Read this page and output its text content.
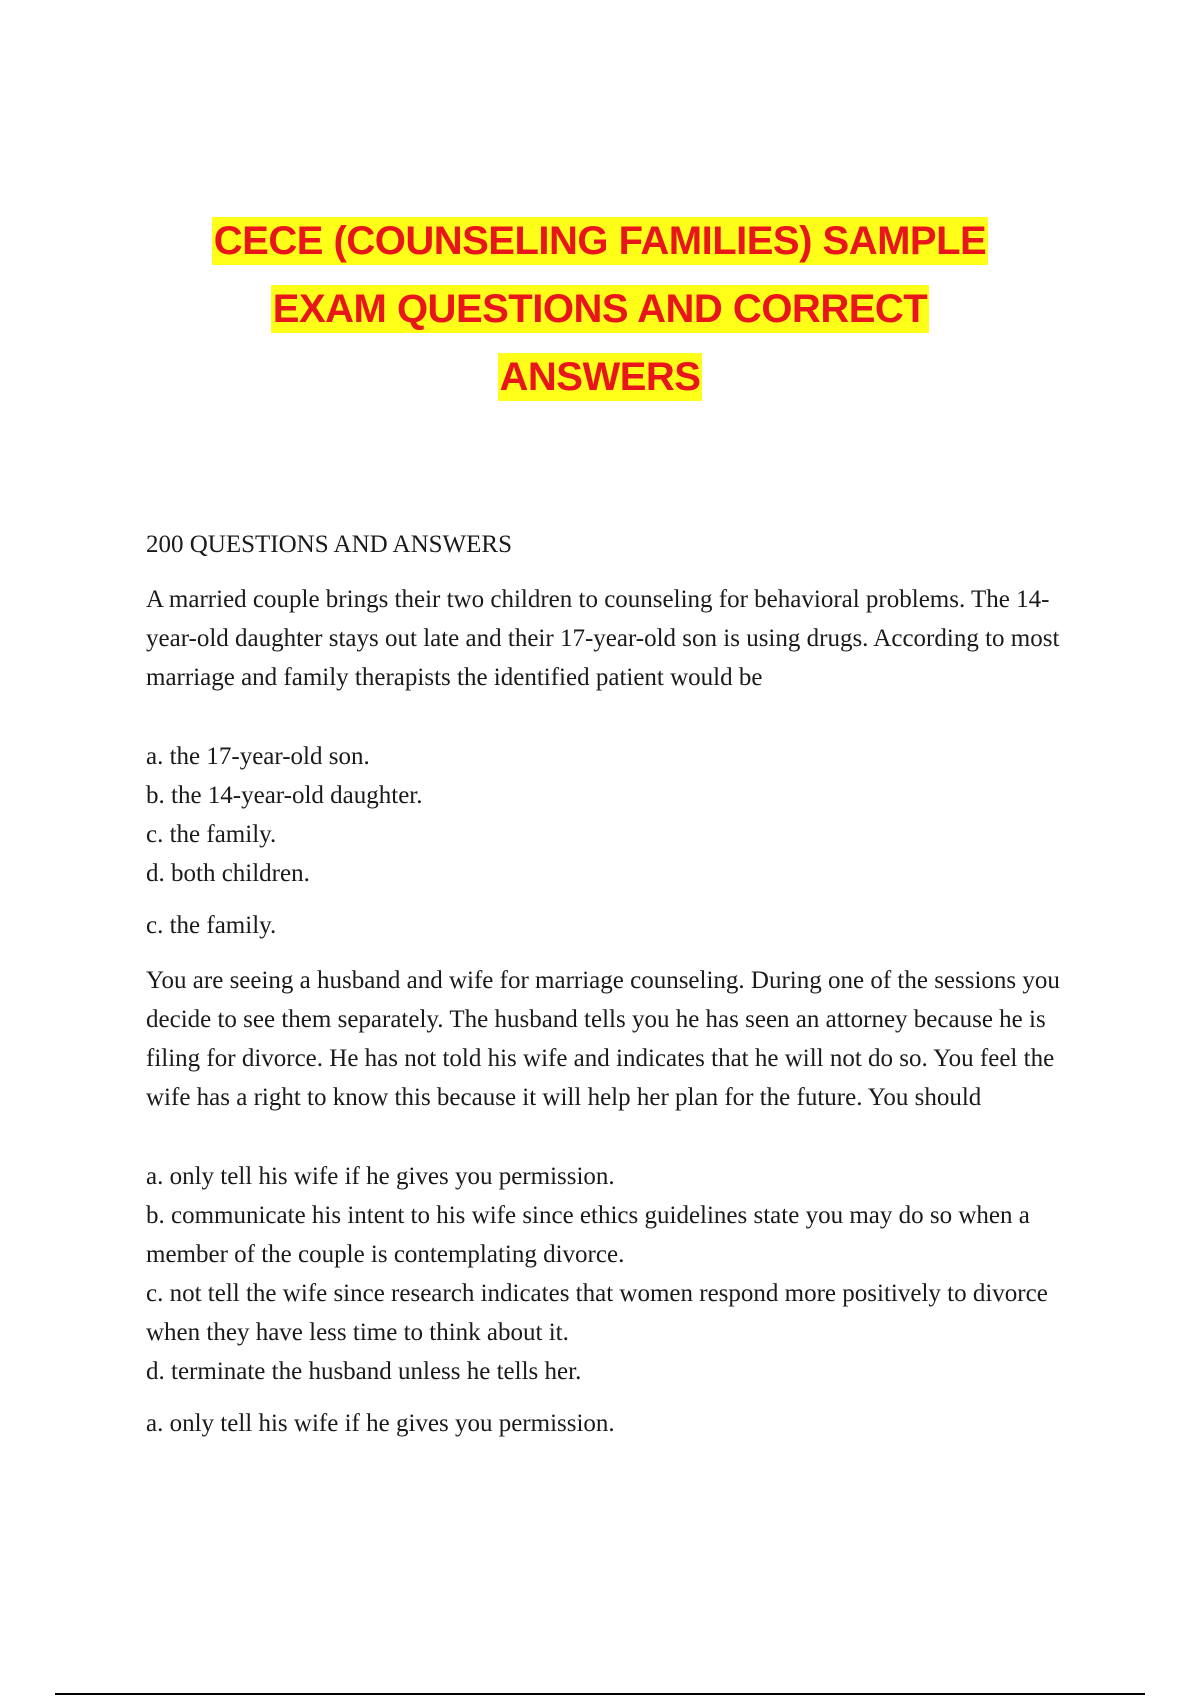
CECE (COUNSELING FAMILIES) SAMPLE
EXAM QUESTIONS AND CORRECT
ANSWERS

200 QUESTIONS AND ANSWERS

A married couple brings their two children to counseling for behavioral problems. The 14-year-old daughter stays out late and their 17-year-old son is using drugs. According to most marriage and family therapists the identified patient would be

a. the 17-year-old son.
b. the 14-year-old daughter.
c. the family.
d. both children.

c. the family.

You are seeing a husband and wife for marriage counseling. During one of the sessions you decide to see them separately. The husband tells you he has seen an attorney because he is filing for divorce. He has not told his wife and indicates that he will not do so. You feel the wife has a right to know this because it will help her plan for the future. You should

a. only tell his wife if he gives you permission.
b. communicate his intent to his wife since ethics guidelines state you may do so when a member of the couple is contemplating divorce.
c. not tell the wife since research indicates that women respond more positively to divorce when they have less time to think about it.
d. terminate the husband unless he tells her.

a. only tell his wife if he gives you permission.
